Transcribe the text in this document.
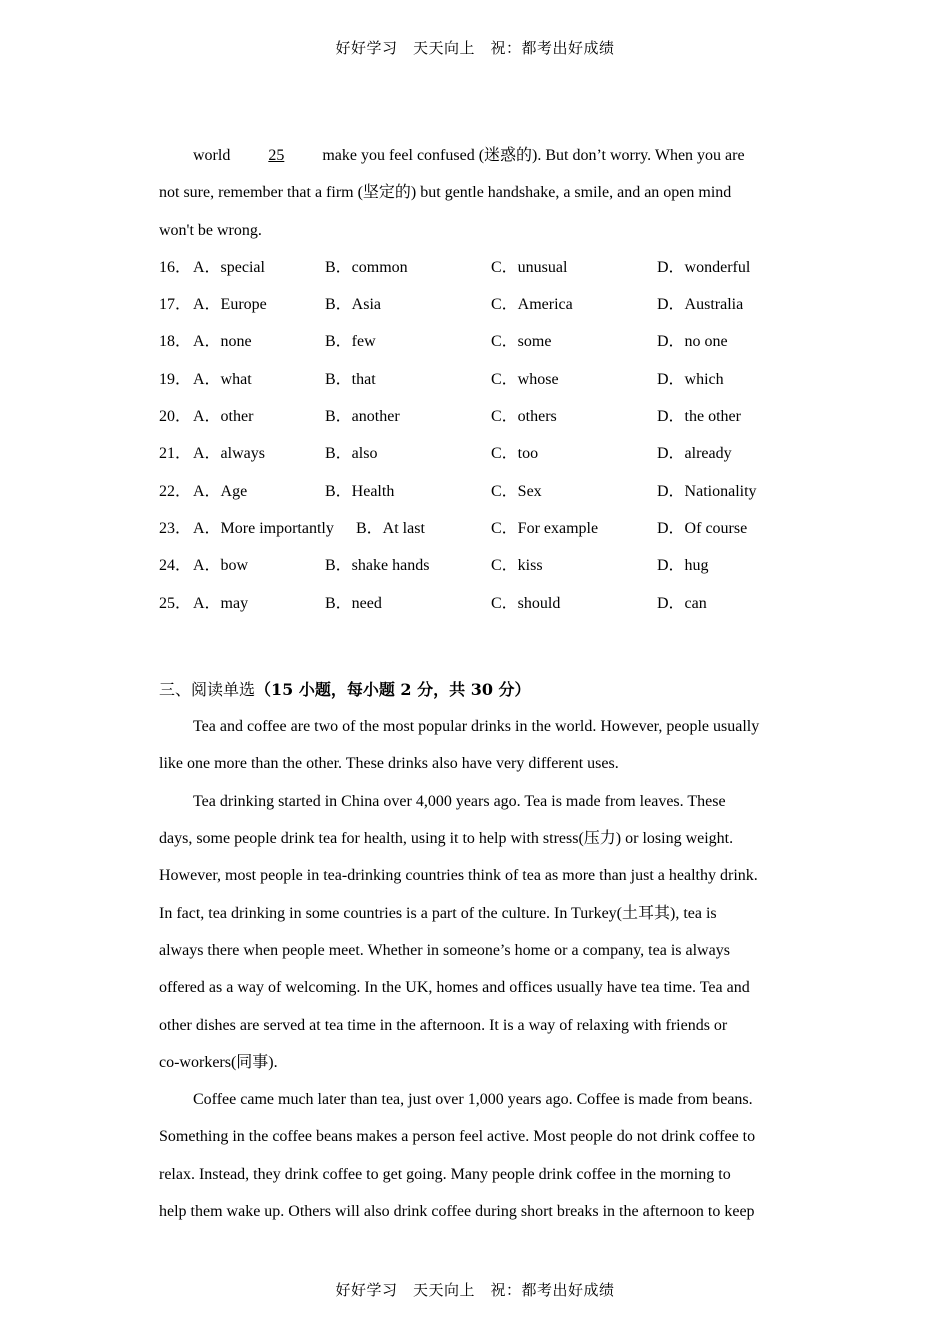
好好学习　天天向上　祝：都考出好成绩
world 25 make you feel confused (迷惑的). But don’t worry. When you are
not sure, remember that a firm (坚定的) but gentle handshake, a smile, and an open mind
won't be wrong.
16． A．special	B．common	C．unusual	D．wonderful
17． A．Europe	B．Asia	C．America	D．Australia
18． A．none	B．few	C．some	D．no one
19． A．what	B．that	C．whose	D．which
20． A．other	B．another	C．others	D．the other
21． A．always	B．also	C．too	D．already
22． A．Age	B．Health	C．Sex	D．Nationality
23． A．More importantly B．At last	C．For example	D．Of course
24． A．bow	B．shake hands	C．kiss	D．hug
25． A．may	B．need	C．should	D．can
三、阅读单选（15 小题，每小题 2 分，共 30 分）
Tea and coffee are two of the most popular drinks in the world. However, people usually
like one more than the other. These drinks also have very different uses.
Tea drinking started in China over 4,000 years ago. Tea is made from leaves. These
days, some people drink tea for health, using it to help with stress(压力) or losing weight.
However, most people in tea-drinking countries think of tea as more than just a healthy drink.
In fact, tea drinking in some countries is a part of the culture. In Turkey(土耳其), tea is
always there when people meet. Whether in someone’s home or a company, tea is always
offered as a way of welcoming. In the UK, homes and offices usually have tea time. Tea and
other dishes are served at tea time in the afternoon. It is a way of relaxing with friends or
co-workers(同事).
Coffee came much later than tea, just over 1,000 years ago. Coffee is made from beans.
Something in the coffee beans makes a person feel active. Most people do not drink coffee to
relax. Instead, they drink coffee to get going. Many people drink coffee in the morning to
help them wake up. Others will also drink coffee during short breaks in the afternoon to keep
好好学习　天天向上　祝：都考出好成绩
